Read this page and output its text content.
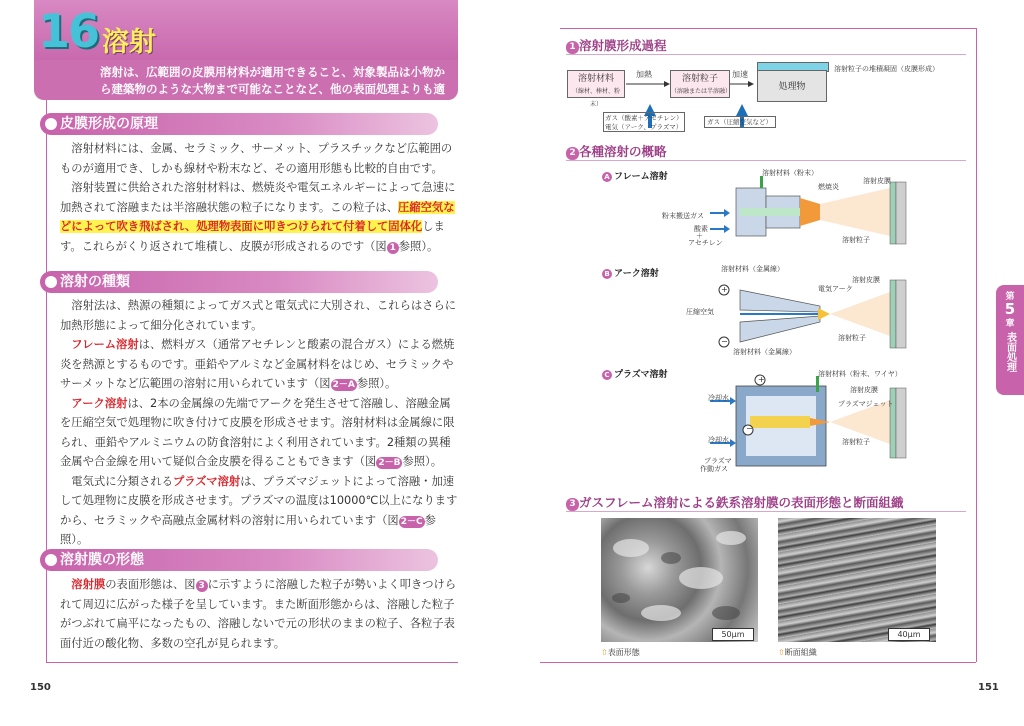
16 溶射
溶射は、広範囲の皮膜用材料が適用できること、対象製品は小物から建築物のような大物まで可能なことなど、他の表面処理よりも適用範囲が広い。
皮膜形成の原理

溶射材料には、金属、セラミック、サーメット、プラスチックなど広範囲のものが適用でき、しかも線材や粉末など、その適用形態も比較的自由です。

溶射装置に供給された溶射材料は、燃焼炎や電気エネルギーによって急速に加熱されて溶融または半溶融状態の粒子になります。この粒子は、圧縮空気などによって吹き飛ばされ、処理物表面に叩きつけられて付着して固体化します。これらがくり返されて堆積し、皮膜が形成されるのです（図 1 参照）。

溶射の種類

溶射法は、熱源の種類によってガス式と電気式に大別され、これらはさらに加熱形態によって細分化されています。

フレーム溶射は、燃料ガス（通常アセチレンと酸素の混合ガス）による燃焼炎を熱源とするものです。亜鉛やアルミなど金属材料をはじめ、セラミックやサーメットなど広範囲の溶射に用いられています（図 2－A 参照）。

アーク溶射は、2本の金属線の先端でアークを発生させて溶融し、溶融金属を圧縮空気で処理物に吹き付けて皮膜を形成させます。溶射材料は金属線に限られ、亜鉛やアルミニウムの防食溶射によく利用されています。2種類の異種金属や合金線を用いて疑似合金皮膜を得ることもできます（図 2－B 参照）。

電気式に分類されるプラズマ溶射は、プラズマジェットによって溶融・加速して処理物に皮膜を形成させます。プラズマの温度は10000℃以上になりますから、セラミックや高融点金属材料の溶射に用いられています（図 2－C 参照）。

溶射膜の形態

溶射膜の表面形態は、図 3 に示すように溶融した粒子が勢いよく叩きつけられて周辺に広がった様子を呈しています。また断面形態からは、溶融した粒子がつぶれて扁平になったもの、溶融しないで元の形状のままの粒子、各粒子表面付近の酸化物、多数の空孔が見られます。

150
1 溶射膜形成過程
溶射材料
（線材、棒材、粉末）
加熱	溶射粒子
（溶融または半溶融）
加速
処理物
溶射粒子の堆積凝固（皮膜形成）
ガス（酸素＋アセチレン）電気（アーク、プラズマ）
ガス（圧縮空気など）
2 各種溶射の概略
A フレーム溶射	溶射材料（粉末）
燃焼炎
溶射皮膜
粉末搬送ガス
酸素
＋
アセチレン	溶射粒子
B アーク溶射	溶射材料（金属線）
溶射皮膜
電気アーク
圧縮空気
溶射粒子
溶射材料（金属線）
+
−
C プラズマ溶射	溶射材料（粉末、ワイヤ）
溶射皮膜
プラズマジェット
冷却水
冷却水	溶射粒子
プラズマ
作動ガス
+
−
3 ガスフレーム溶射による鉄系溶射膜の表面形態と断面組織
50μm	40μm
⇧表面形態	⇧断面組織
第
5
章
表面処理
151
